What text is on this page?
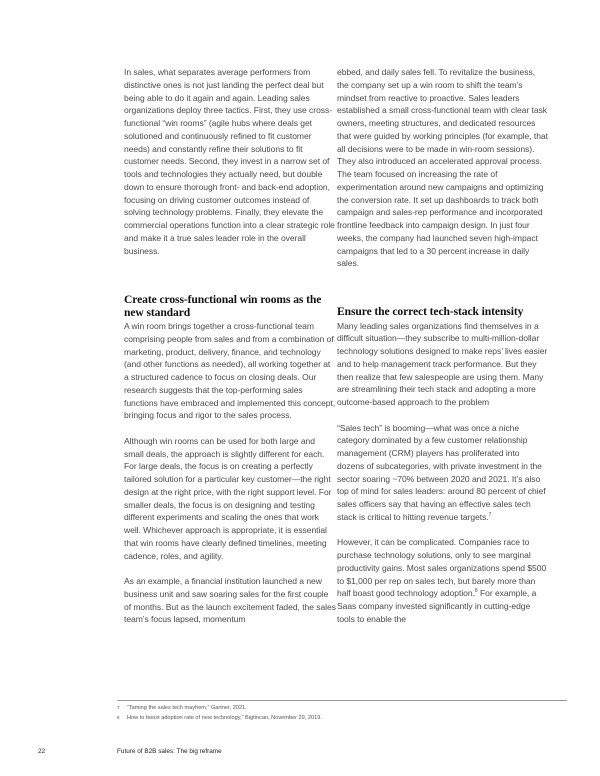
In sales, what separates average performers from distinctive ones is not just landing the perfect deal but being able to do it again and again. Leading sales organizations deploy three tactics. First, they use cross-functional “win rooms” (agile hubs where deals get solutioned and continuously refined to fit customer needs) and constantly refine their solutions to fit customer needs. Second, they invest in a narrow set of tools and technologies they actually need, but double down to ensure thorough front- and back-end adoption, focusing on driving customer outcomes instead of solving technology problems. Finally, they elevate the commercial operations function into a clear strategic role and make it a true sales leader role in the overall business.

ebbed, and daily sales fell. To revitalize the business, the company set up a win room to shift the team’s mindset from reactive to proactive. Sales leaders established a small cross-functional team with clear task owners, meeting structures, and dedicated resources that were guided by working principles (for example, that all decisions were to be made in win-room sessions). They also introduced an accelerated approval process. The team focused on increasing the rate of experimentation around new campaigns and optimizing the conversion rate. It set up dashboards to track both campaign and sales-rep performance and incorporated frontline feedback into campaign design. In just four weeks, the company had launched seven high-impact campaigns that led to a 30 percent increase in daily sales.

Create cross-functional win rooms as the new standard

A win room brings together a cross-functional team comprising people from sales and from a combination of marketing, product, delivery, finance, and technology (and other functions as needed), all working together at a structured cadence to focus on closing deals. Our research suggests that the top-performing sales functions have embraced and implemented this concept, bringing focus and rigor to the sales process.

Although win rooms can be used for both large and small deals, the approach is slightly different for each. For large deals, the focus is on creating a perfectly tailored solution for a particular key customer—the right design at the right price, with the right support level. For smaller deals, the focus is on designing and testing different experiments and scaling the ones that work well. Whichever approach is appropriate, it is essential that win rooms have clearly defined timelines, meeting cadence, roles, and agility.

As an example, a financial institution launched a new business unit and saw soaring sales for the first couple of months. But as the launch excitement faded, the sales team’s focus lapsed, momentum

Ensure the correct tech-stack intensity

Many leading sales organizations find themselves in a difficult situation—they subscribe to multi-million-dollar technology solutions designed to make reps’ lives easier and to help management track performance. But they then realize that few salespeople are using them. Many are streamlining their tech stack and adopting a more outcome-based approach to the problem

“Sales tech” is booming—what was once a niche category dominated by a few customer relationship management (CRM) players has proliferated into dozens of subcategories, with private investment in the sector soaring ~70% between 2020 and 2021. It’s also top of mind for sales leaders: around 80 percent of chief sales officers say that having an effective sales tech stack is critical to hitting revenue targets.$^7$

However, it can be complicated. Companies race to purchase technology solutions, only to see marginal productivity gains. Most sales organizations spend $500 to $1,000 per rep on sales tech, but barely more than half boast good technology adoption.$^8$ For example, a Saas company invested significantly in cutting-edge tools to enable the

7 “Taming the sales tech mayhem,” Gartner, 2021.
8 How to boost adoption rate of new technology,” Bigtincan, November 29, 2019.
22	Future of B2B sales: The big reframe
